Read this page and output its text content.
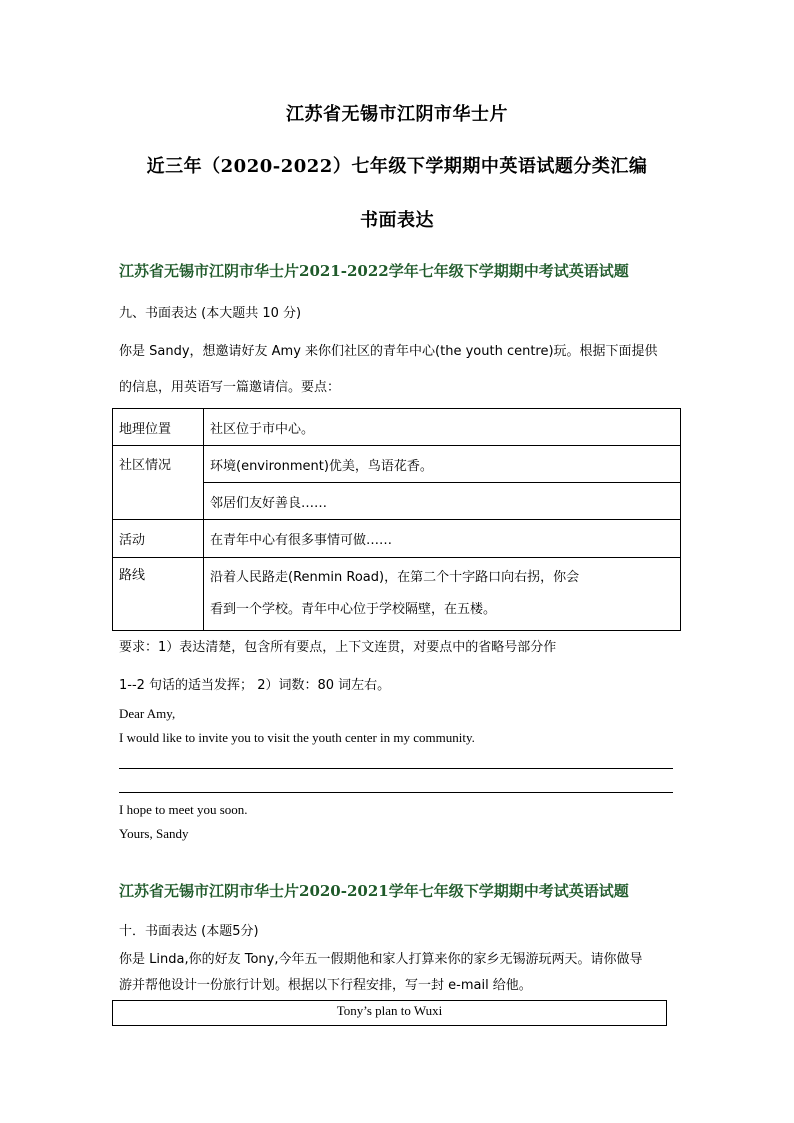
江苏省无锡市江阴市华士片
近三年（2020-2022）七年级下学期期中英语试题分类汇编
书面表达
江苏省无锡市江阴市华士片2021-2022学年七年级下学期期中考试英语试题
九、书面表达 (本大题共 10 分)
你是 Sandy，想邀请好友 Amy 来你们社区的青年中心(the youth centre)玩。根据下面提供
的信息，用英语写一篇邀请信。要点：
地理位置	社区位于市中心。
社区情况	环境(environment)优美，鸟语花香。
	邻居们友好善良……
活动	在青年中心有很多事情可做……
路线	沿着人民路走(Renmin Road)，在第二个十字路口向右拐，你会
看到一个学校。青年中心位于学校隔壁，在五楼。
要求：1）表达清楚，包含所有要点，上下文连贯，对要点中的省略号部分作
1--2 句话的适当发挥； 2）词数：80 词左右。
Dear Amy,
I would like to invite you to visit the youth center in my community.
I hope to meet you soon.
Yours, Sandy
江苏省无锡市江阴市华士片2020-2021学年七年级下学期期中考试英语试题
十．书面表达 (本题5分)
你是 Linda,你的好友 Tony,今年五一假期他和家人打算来你的家乡无锡游玩两天。请你做导
游并帮他设计一份旅行计划。根据以下行程安排，写一封 e-mail 给他。
Tony’s plan to Wuxi
